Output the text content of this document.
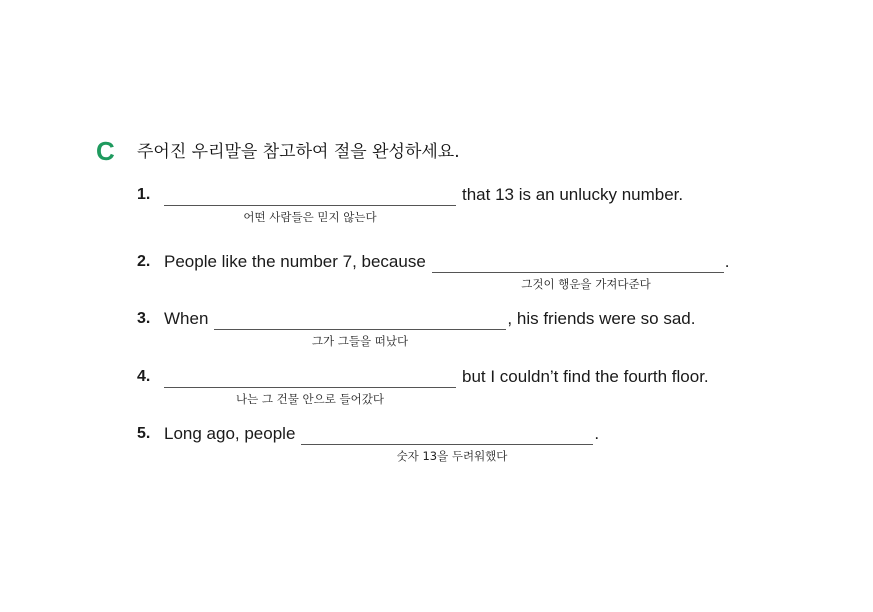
C 주어진 우리말을 참고하여 절을 완성하세요.
1.	that 13 is an unlucky number.
어떤 사람들은 믿지 않는다
2. People like the number 7, because	.
그것이 행운을 가져다준다
3. When	, his friends were so sad.
그가 그들을 떠났다
4.	but I couldn’t find the fourth floor.
나는 그 건물 안으로 들어갔다
5. Long ago, people	.
숫자 13을 두려워했다
